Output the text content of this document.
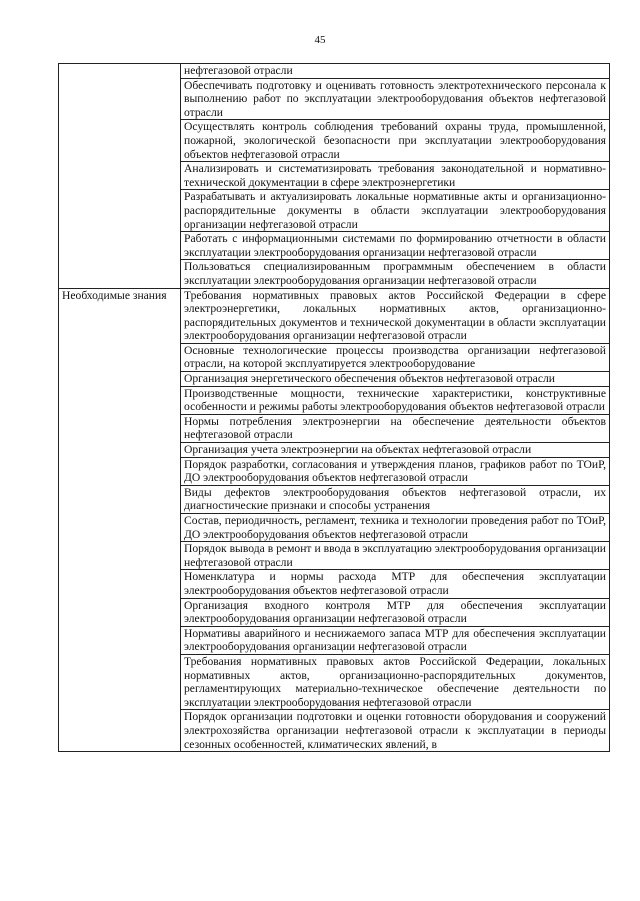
45
	нефтегазовой отрасли
	Обеспечивать подготовку и оценивать готовность электротехнического персонала к выполнению работ по эксплуатации электрооборудования объектов нефтегазовой отрасли
	Осуществлять контроль соблюдения требований охраны труда, промышленной, пожарной, экологической безопасности при эксплуатации электрооборудования объектов нефтегазовой отрасли
	Анализировать и систематизировать требования законодательной и нормативно-технической документации в сфере электроэнергетики
	Разрабатывать и актуализировать локальные нормативные акты и организационно-распорядительные документы в области эксплуатации электрооборудования организации нефтегазовой отрасли
	Работать с информационными системами по формированию отчетности в области эксплуатации электрооборудования организации нефтегазовой отрасли
	Пользоваться специализированным программным обеспечением в области эксплуатации электрооборудования организации нефтегазовой отрасли
Необходимые знания	Требования нормативных правовых актов Российской Федерации в сфере электроэнергетики, локальных нормативных актов, организационно-распорядительных документов и технической документации в области эксплуатации электрооборудования организации нефтегазовой отрасли
	Основные технологические процессы производства организации нефтегазовой отрасли, на которой эксплуатируется электрооборудование
	Организация энергетического обеспечения объектов нефтегазовой отрасли
	Производственные мощности, технические характеристики, конструктивные особенности и режимы работы электрооборудования объектов нефтегазовой отрасли
	Нормы потребления электроэнергии на обеспечение деятельности объектов нефтегазовой отрасли
	Организация учета электроэнергии на объектах нефтегазовой отрасли
	Порядок разработки, согласования и утверждения планов, графиков работ по ТОиР, ДО электрооборудования объектов нефтегазовой отрасли
	Виды дефектов электрооборудования объектов нефтегазовой отрасли, их диагностические признаки и способы устранения
	Состав, периодичность, регламент, техника и технологии проведения работ по ТОиР, ДО электрооборудования объектов нефтегазовой отрасли
	Порядок вывода в ремонт и ввода в эксплуатацию электрооборудования организации нефтегазовой отрасли
	Номенклатура и нормы расхода МТР для обеспечения эксплуатации электрооборудования объектов нефтегазовой отрасли
	Организация входного контроля МТР для обеспечения эксплуатации электрооборудования организации нефтегазовой отрасли
	Нормативы аварийного и неснижаемого запаса МТР для обеспечения эксплуатации электрооборудования организации нефтегазовой отрасли
	Требования нормативных правовых актов Российской Федерации, локальных нормативных актов, организационно-распорядительных документов, регламентирующих материально-техническое обеспечение деятельности по эксплуатации электрооборудования нефтегазовой отрасли
	Порядок организации подготовки и оценки готовности оборудования и сооружений электрохозяйства организации нефтегазовой отрасли к эксплуатации в периоды сезонных особенностей, климатических явлений, в
